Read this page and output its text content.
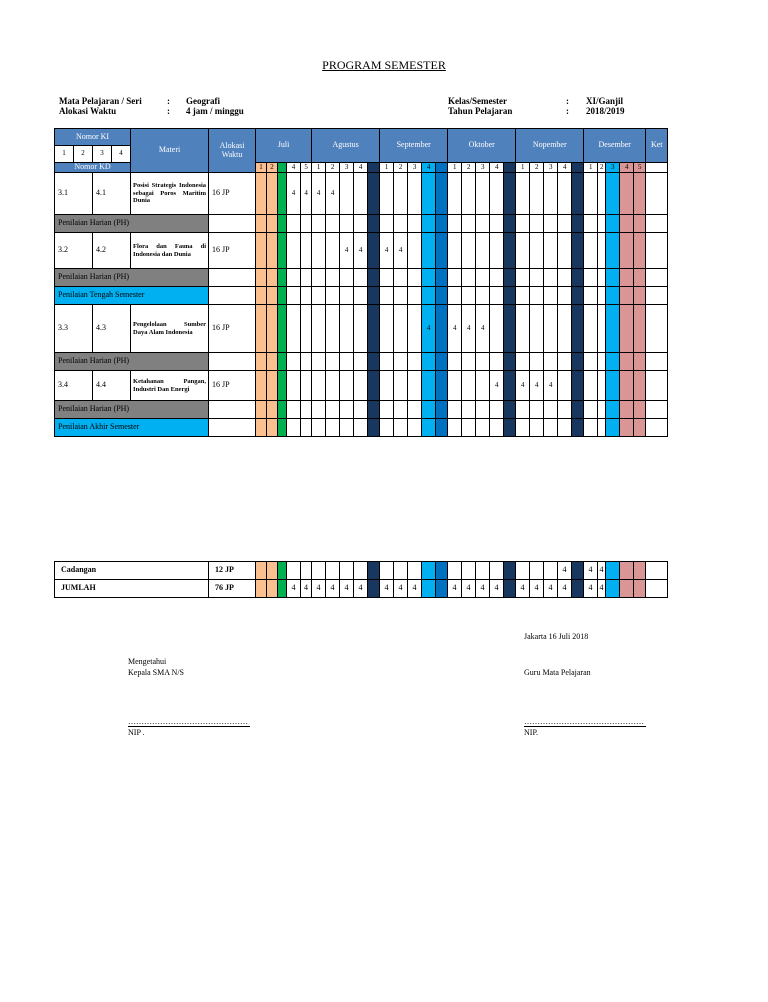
PROGRAM SEMESTER
Mata Pelajaran / Seri	: Geografi
Alokasi Waktu	: 4 jam / minggu
Kelas/Semester	: XI/Ganjil
Tahun Pelajaran	: 2018/2019
Nomor KI				Materi	Alokasi Waktu	Juli					Agustus					September					Oktober					Nopember					Desember					Ket
1	2	3	4																																	
Nomor KD						1	2		4	5	1	2	3	4		1	2	3	4		1	2	3	4		1	2	3	4		1	2	3	4	5	
3.1		4.1		Posisi Strategis Indonesia sebagai Poros Maritim Dunia	16 JP				4	4	4	4																								
Penilaian Harian (PH)																																				
3.2		4.2		Flora dan Fauna di Indonesia dan Dunia	16 JP								4	4		4	4																			
Penilaian Harian (PH)																																				
Penilaian Tengah Semester																																				
3.3		4.3		Pengelolaan Sumber Daya Alam Indonesia	16 JP														4		4	4	4													
Penilaian Harian (PH)																																				
3.4		4.4		Ketahanan Pangan, Industri Dan Energi	16 JP																			4		4	4	4								
Penilaian Harian (PH)																																				
Penilaian Akhir Semester																																				
Cadangan	12 JP																								4		4	4				
JUMLAH	76 JP				4	4	4	4	4	4		4	4	4			4	4	4	4		4	4	4	4		4	4				
Jakarta 16 Juli 2018
Mengetahui
Kepala SMA N/S	Guru Mata Pelajaran
………………………………………
NIP .
………………………………………
NIP.
